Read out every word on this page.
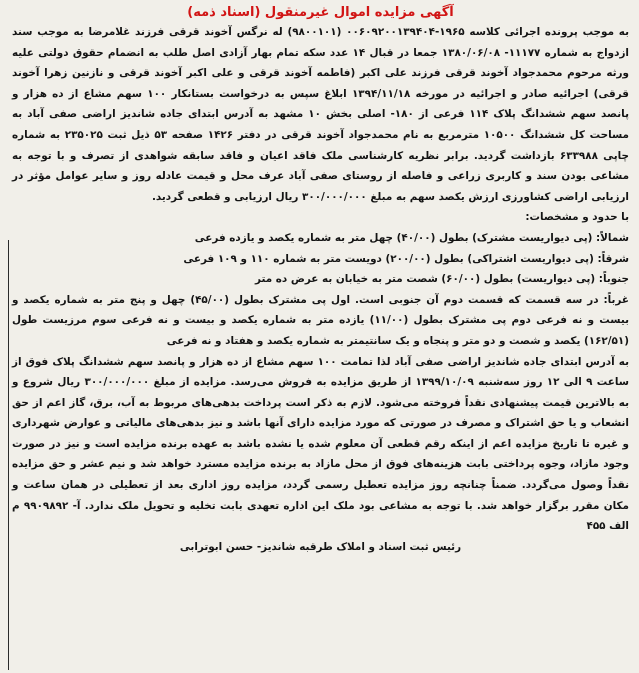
آگهی مزایده اموال غیرمنقول (اسناد ذمه)

به موجب پرونده اجرائی کلاسه ۱۹۶۵-۰۰۶۰۹۲۰۰۱۳۹۴۰۴ (۹۸۰۰۱۰۱) له نرگس آخوند قرقی فرزند غلامرضا به موجب سند ازدواج به شماره ۱۱۱۷۷- ۱۳۸۰/۰۶/۰۸ جمعا در قبال ۱۴ عدد سکه تمام بهار آزادی اصل طلب به انضمام حقوق دولتی علیه ورثه مرحوم محمدجواد آخوند قرقی فرزند علی اکبر (فاطمه آخوند قرقی و علی اکبر آخوند قرقی و نازنین زهرا آخوند قرقی) اجرائیه صادر و اجرائیه در مورخه ۱۳۹۴/۱۱/۱۸ ابلاغ سپس به درخواست بستانکار ۱۰۰ سهم مشاع از ده هزار و پانصد سهم ششدانگ پلاک ۱۱۴ فرعی از ۱۸۰- اصلی بخش ۱۰ مشهد به آدرس ابتدای جاده شاندیز اراضی صفی آباد به مساحت کل ششدانگ ۱۰۵۰۰ مترمربع به نام محمدجواد آخوند قرقی در دفتر ۱۴۲۶ صفحه ۵۳ ذیل ثبت ۲۳۵۰۲۵ به شماره چاپی ۶۳۳۹۸۸ بازداشت گردید. برابر نظریه کارشناسی ملک فاقد اعیان و فاقد سابقه شواهدی از تصرف و با توجه به مشاعی بودن سند و کاربری زراعی و فاصله از روستای صفی آباد عرف محل و قیمت عادله روز و سایر عوامل مؤثر در ارزیابی اراضی کشاورزی ارزش یکصد سهم به مبلغ ۳۰۰/۰۰۰/۰۰۰ ریال ارزیابی و قطعی گردید.

با حدود و مشخصات:

شمالاً: (پی دیواریست مشترک) بطول (۴۰/۰۰) چهل متر به شماره یکصد و یازده فرعی

شرقاً: (پی دیواریست اشتراکی) بطول (۲۰۰/۰۰) دویست متر به شماره ۱۱۰ و ۱۰۹ فرعی

جنوباً: (پی دیواریست) بطول (۶۰/۰۰) شصت متر به خیابان به عرض ده متر

غرباً: در سه قسمت که قسمت دوم آن جنوبی است. اول پی مشترک بطول (۴۵/۰۰) چهل و پنج متر به شماره یکصد و بیست و نه فرعی دوم پی مشترک بطول (۱۱/۰۰) یازده متر به شماره یکصد و بیست و نه فرعی سوم مرزیست طول (۱۶۲/۵۱) یکصد و شصت و دو متر و پنجاه و یک سانتیمتر به شماره یکصد و هفتاد و نه فرعی

به آدرس ابتدای جاده شاندیز اراضی صفی آباد لذا تمامت ۱۰۰ سهم مشاع از ده هزار و پانصد سهم ششدانگ پلاک فوق از ساعت ۹ الی ۱۲ روز سه‌شنبه ۱۳۹۹/۱۰/۰۹ از طریق مزایده به فروش می‌رسد. مزایده از مبلغ ۳۰۰/۰۰۰/۰۰۰ ریال شروع و به بالاترین قیمت پیشنهادی نقداً فروخته می‌شود. لازم به ذکر است پرداخت بدهی‌های مربوط به آب، برق، گاز اعم از حق انشعاب و یا حق اشتراک و مصرف در صورتی که مورد مزایده دارای آنها باشد و نیز بدهی‌های مالیاتی و عوارض شهرداری و غیره تا تاریخ مزایده اعم از اینکه رقم قطعی آن معلوم شده یا نشده باشد به عهده برنده مزایده است و نیز در صورت وجود مازاد، وجوه پرداختی بابت هزینه‌های فوق از محل مازاد به برنده مزایده مسترد خواهد شد و نیم عشر و حق مزایده نقداً وصول می‌گردد. ضمناً چنانچه روز مزایده تعطیل رسمی گردد، مزایده روز اداری بعد از تعطیلی در همان ساعت و مکان مقرر برگزار خواهد شد. با توجه به مشاعی بود ملک این اداره تعهدی بابت تخلیه و تحویل ملک ندارد. آ- ۹۹۰۹۸۹۲ م الف ۴۵۵

رئیس ثبت اسناد و املاک طرقبه شاندیز- حسن ابوترابی
